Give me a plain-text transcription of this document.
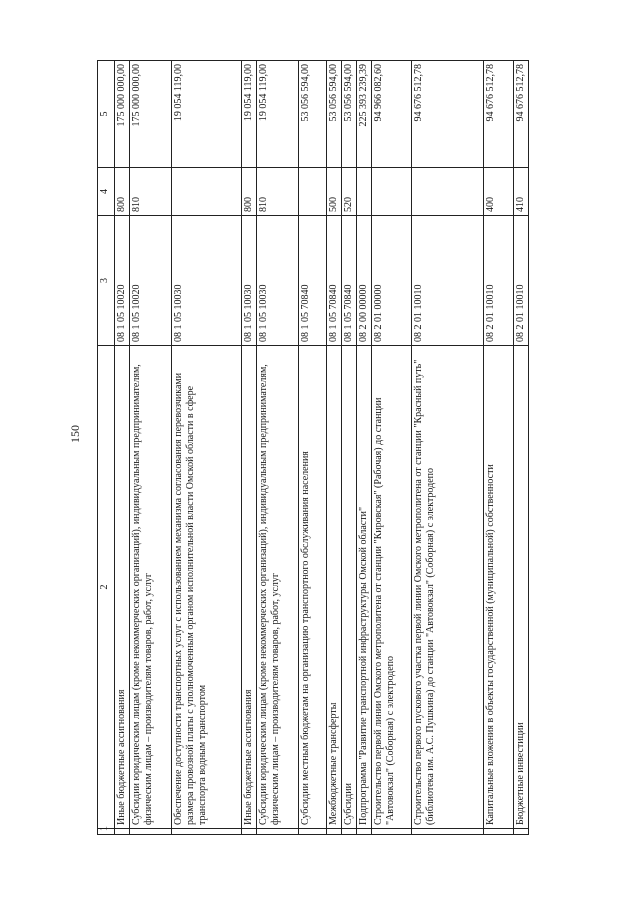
150
1	2	3	4	5
	Иные бюджетные ассигнования	08 1 05 10020	800	175 000 000,00
	Субсидии юридическим лицам (кроме некоммерческих организаций), индивидуальным предпринимателям, физическим лицам – производителям товаров, работ, услуг	08 1 05 10020	810	175 000 000,00
	Обеспечение доступности транспортных услуг с использованием механизма согласования перевозчиками размера провозной платы с уполномоченным органом исполнительной власти Омской области в сфере транспорта водным транспортом	08 1 05 10030		19 054 119,00
	Иные бюджетные ассигнования	08 1 05 10030	800	19 054 119,00
	Субсидии юридическим лицам (кроме некоммерческих организаций), индивидуальным предпринимателям, физическим лицам – производителям товаров, работ, услуг	08 1 05 10030	810	19 054 119,00
	Субсидии местным бюджетам на организацию транспортного обслуживания населения	08 1 05 70840		53 056 594,00
	Межбюджетные трансферты	08 1 05 70840	500	53 056 594,00
	Субсидии	08 1 05 70840	520	53 056 594,00
	Подпрограмма "Развитие транспортной инфраструктуры Омской области"	08 2 00 00000		225 393 239,39
	Строительство первой линии Омского метрополитена от станции "Кировская" (Рабочая) до станции "Автовокзал" (Соборная) с электродепо	08 2 01 00000		94 966 082,60
	Строительство первого пускового участка первой линии Омского метрополитена от станции "Красный путь" (библиотека им. А.С. Пушкина) до станции "Автовокзал" (Соборная) с электродепо	08 2 01 10010		94 676 512,78
	Капитальные вложения в объекты государственной (муниципальной) собственности	08 2 01 10010	400	94 676 512,78
	Бюджетные инвестиции	08 2 01 10010	410	94 676 512,78
